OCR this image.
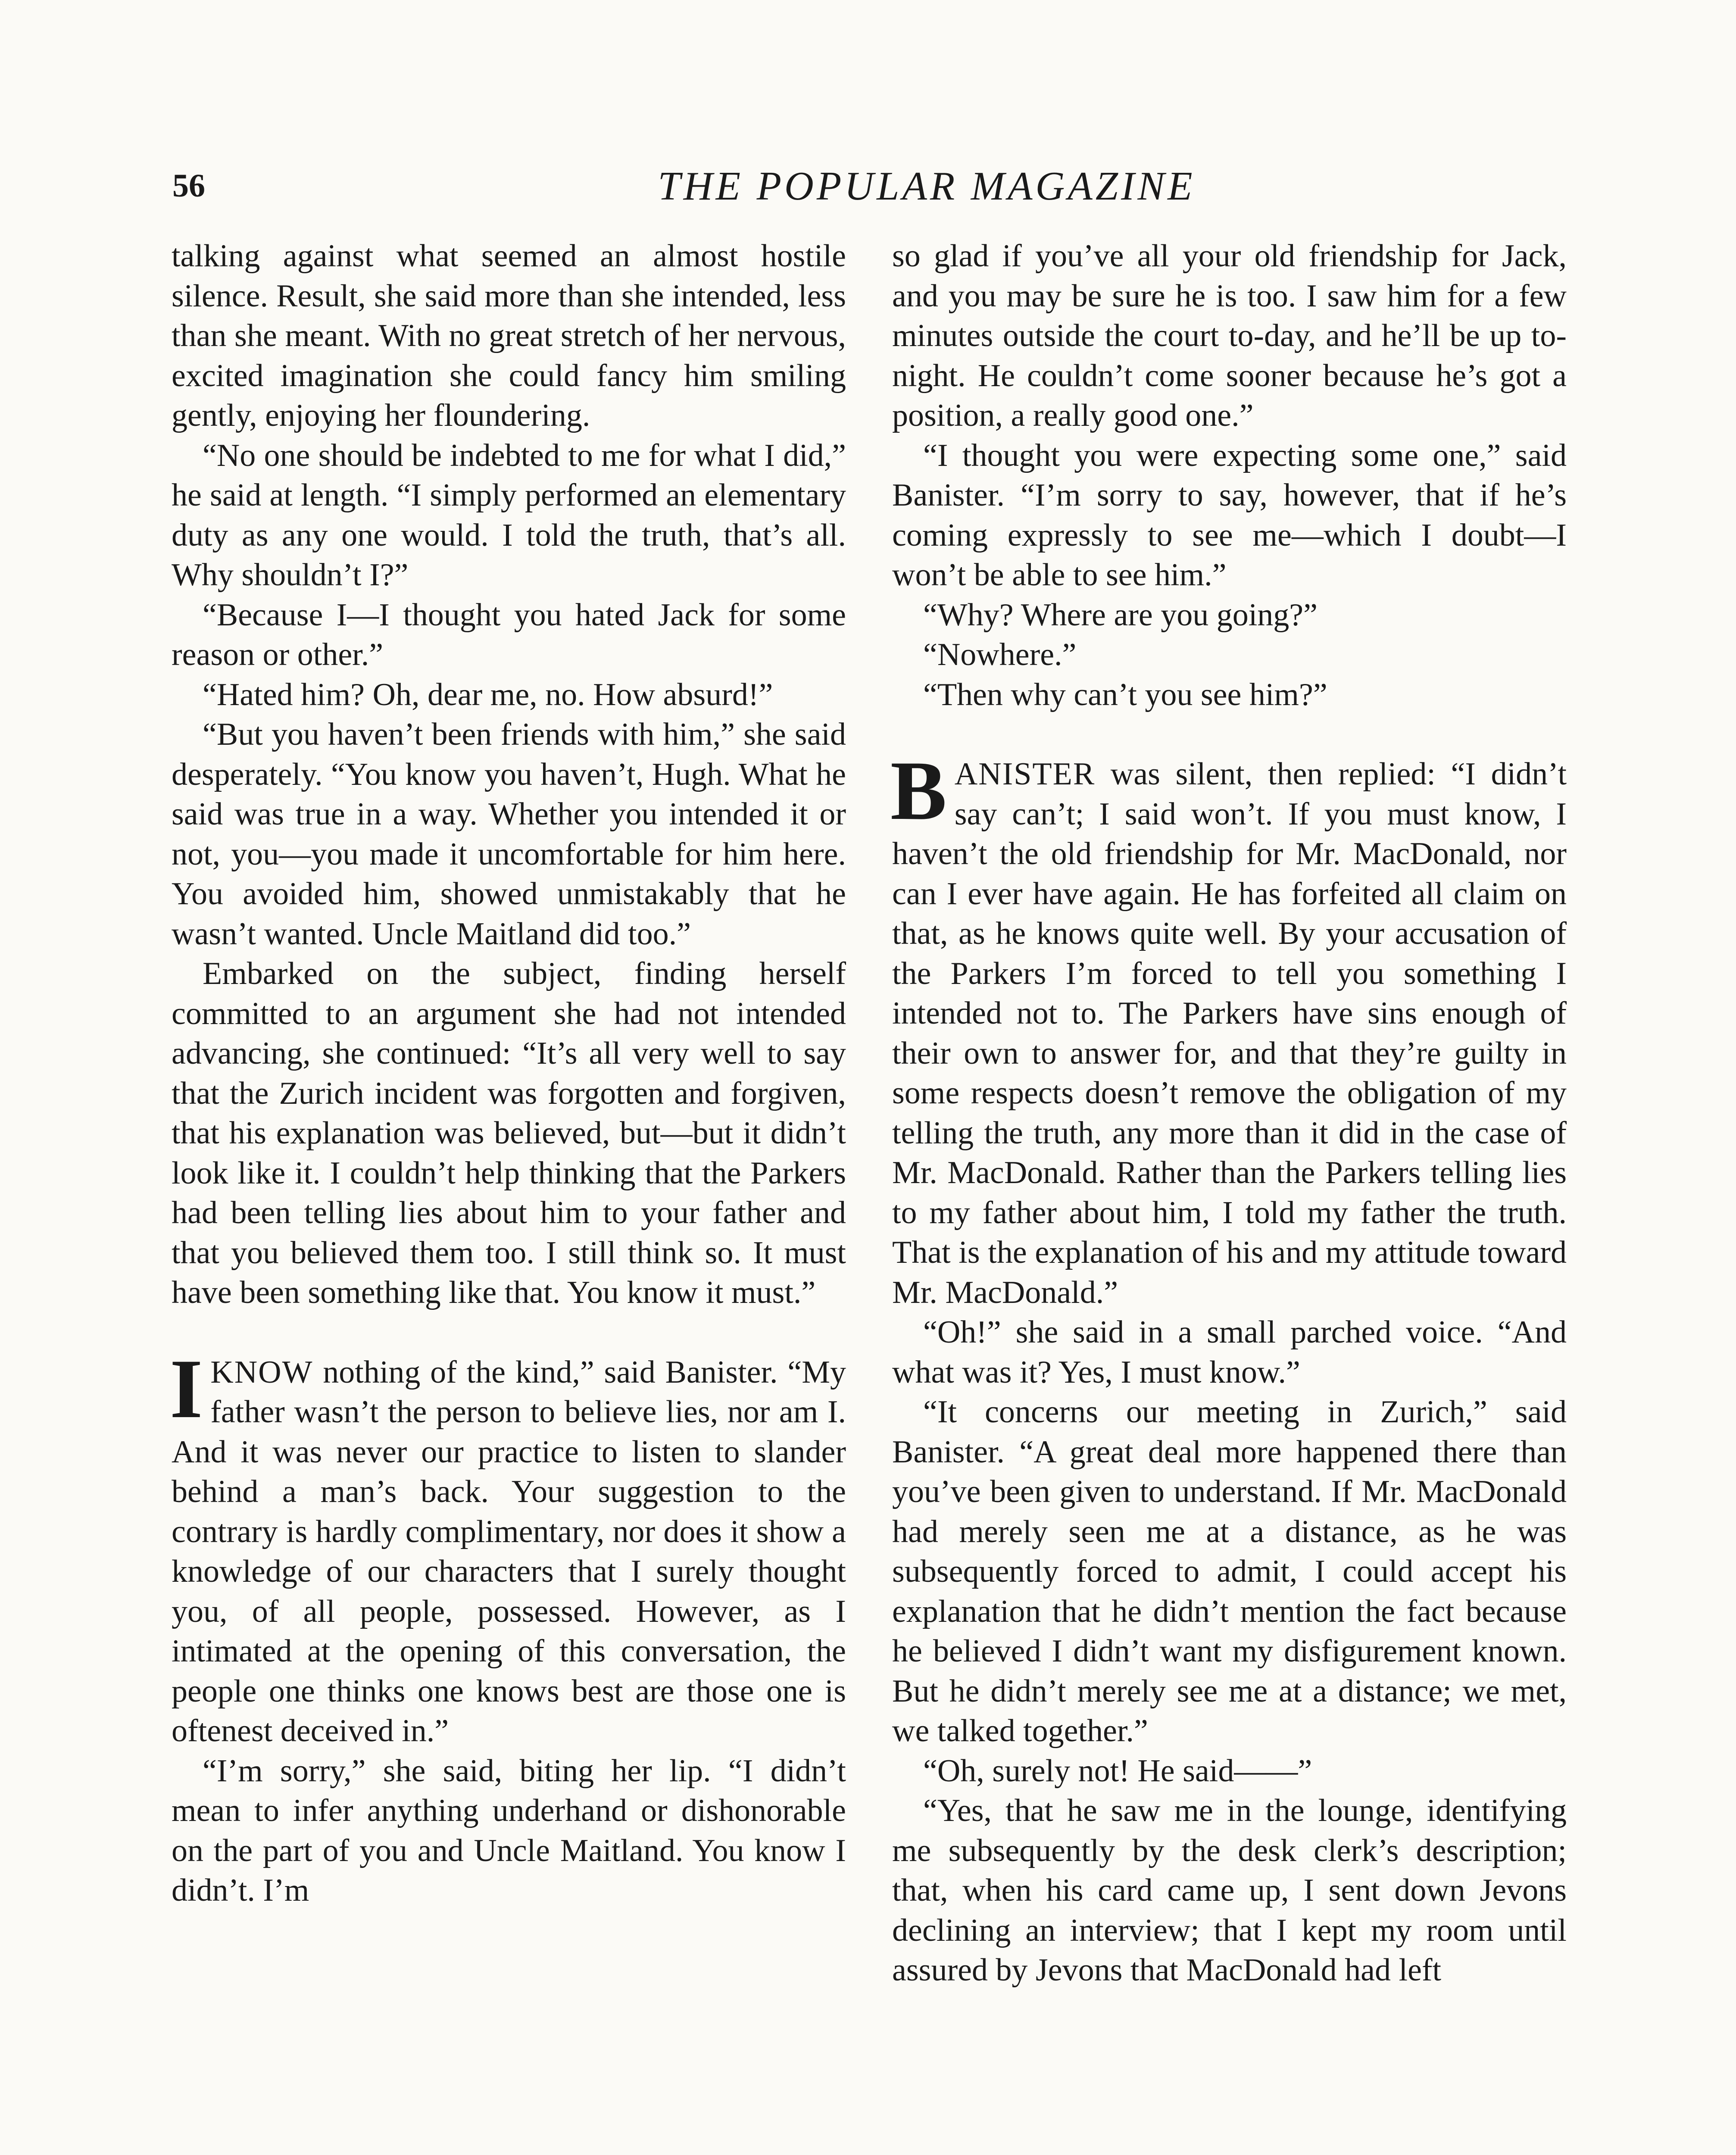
56	THE POPULAR MAGAZINE

talking against what seemed an almost hostile silence. Result, she said more than she intended, less than she meant. With no great stretch of her nervous, excited imagination she could fancy him smiling gently, enjoying her floundering.

“No one should be indebted to me for what I did,” he said at length. “I simply performed an elementary duty as any one would. I told the truth, that’s all. Why shouldn’t I?”

“Because I—I thought you hated Jack for some reason or other.”

“Hated him? Oh, dear me, no. How absurd!”

“But you haven’t been friends with him,” she said desperately. “You know you haven’t, Hugh. What he said was true in a way. Whether you intended it or not, you—you made it uncomfortable for him here. You avoided him, showed unmistakably that he wasn’t wanted. Uncle Maitland did too.”

Embarked on the subject, finding herself committed to an argument she had not intended advancing, she continued: “It’s all very well to say that the Zurich incident was forgotten and forgiven, that his explanation was believed, but—but it didn’t look like it. I couldn’t help thinking that the Parkers had been telling lies about him to your father and that you believed them too. I still think so. It must have been something like that. You know it must.”

IKNOW nothing of the kind,” said Banister. “My father wasn’t the person to believe lies, nor am I. And it was never our practice to listen to slander behind a man’s back. Your suggestion to the contrary is hardly complimentary, nor does it show a knowledge of our characters that I surely thought you, of all people, possessed. However, as I intimated at the opening of this conversation, the people one thinks one knows best are those one is oftenest deceived in.”

“I’m sorry,” she said, biting her lip. “I didn’t mean to infer anything underhand or dishonorable on the part of you and Uncle Maitland. You know I didn’t. I’m

so glad if you’ve all your old friendship for Jack, and you may be sure he is too. I saw him for a few minutes outside the court to-day, and he’ll be up to-night. He couldn’t come sooner because he’s got a position, a really good one.”

“I thought you were expecting some one,” said Banister. “I’m sorry to say, however, that if he’s coming expressly to see me—which I doubt—I won’t be able to see him.”

“Why? Where are you going?”

“Nowhere.”

“Then why can’t you see him?”

BANISTER was silent, then replied: “I didn’t say can’t; I said won’t. If you must know, I haven’t the old friendship for Mr. MacDonald, nor can I ever have again. He has forfeited all claim on that, as he knows quite well. By your accusation of the Parkers I’m forced to tell you something I intended not to. The Parkers have sins enough of their own to answer for, and that they’re guilty in some respects doesn’t remove the obligation of my telling the truth, any more than it did in the case of Mr. MacDonald. Rather than the Parkers telling lies to my father about him, I told my father the truth. That is the explanation of his and my attitude toward Mr. MacDonald.”

“Oh!” she said in a small parched voice. “And what was it? Yes, I must know.”

“It concerns our meeting in Zurich,” said Banister. “A great deal more happened there than you’ve been given to understand. If Mr. MacDonald had merely seen me at a distance, as he was subsequently forced to admit, I could accept his explanation that he didn’t mention the fact because he believed I didn’t want my disfigurement known. But he didn’t merely see me at a distance; we met, we talked together.”

“Oh, surely not! He said——”

“Yes, that he saw me in the lounge, identifying me subsequently by the desk clerk’s description; that, when his card came up, I sent down Jevons declining an interview; that I kept my room until assured by Jevons that MacDonald had left
